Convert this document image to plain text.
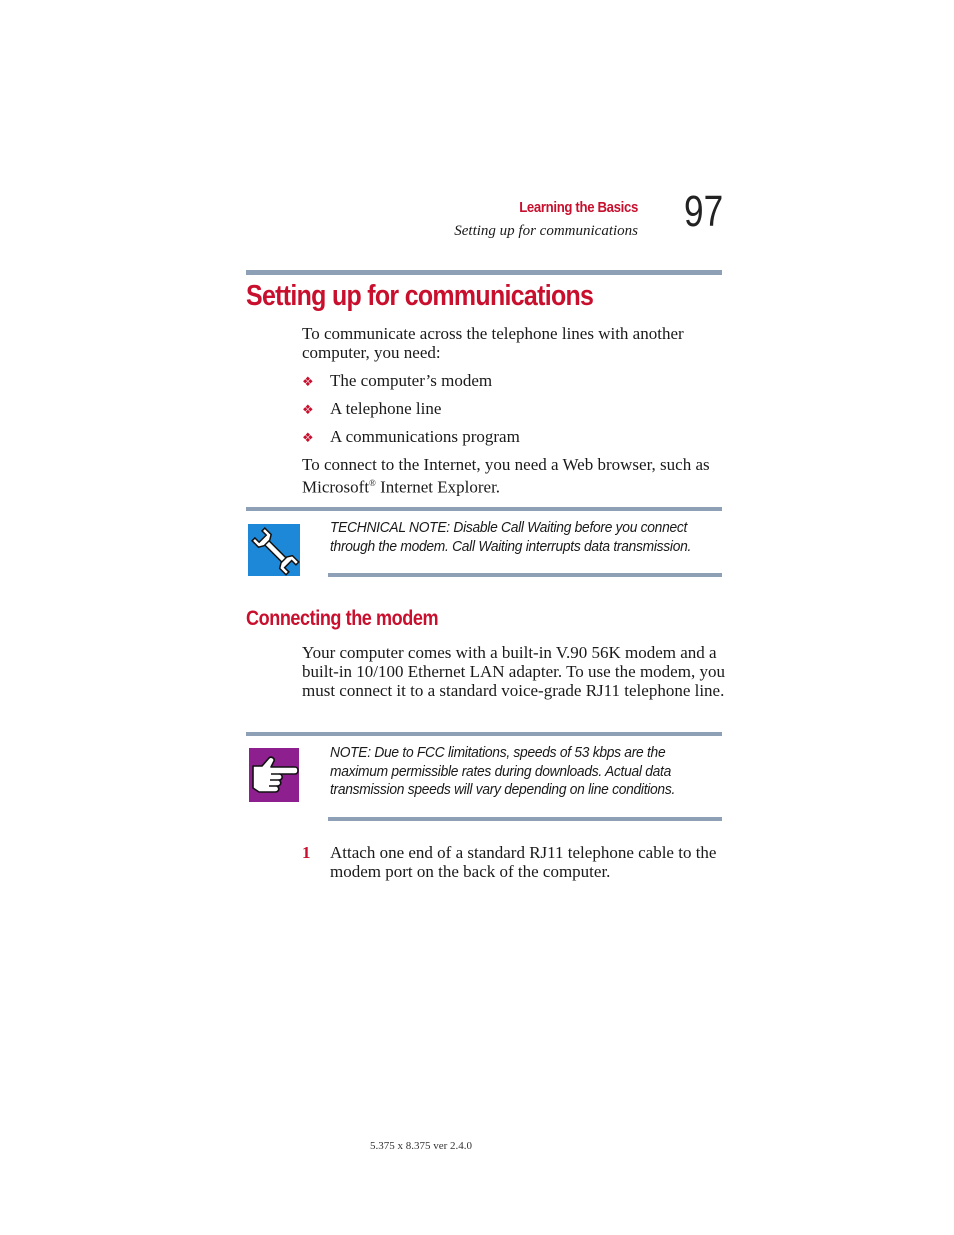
Learning the Basics
Setting up for communications 97
Setting up for communications

To communicate across the telephone lines with another computer, you need:

❖ The computer’s modem
❖ A telephone line
❖ A communications program

To connect to the Internet, you need a Web browser, such as Microsoft® Internet Explorer.

TECHNICAL NOTE: Disable Call Waiting before you connect through the modem. Call Waiting interrupts data transmission.
Connecting the modem

Your computer comes with a built-in V.90 56K modem and a built-in 10/100 Ethernet LAN adapter. To use the modem, you must connect it to a standard voice-grade RJ11 telephone line.

NOTE: Due to FCC limitations, speeds of 53 kbps are the maximum permissible rates during downloads. Actual data transmission speeds will vary depending on line conditions.
1 Attach one end of a standard RJ11 telephone cable to the modem port on the back of the computer.
5.375 x 8.375 ver 2.4.0
